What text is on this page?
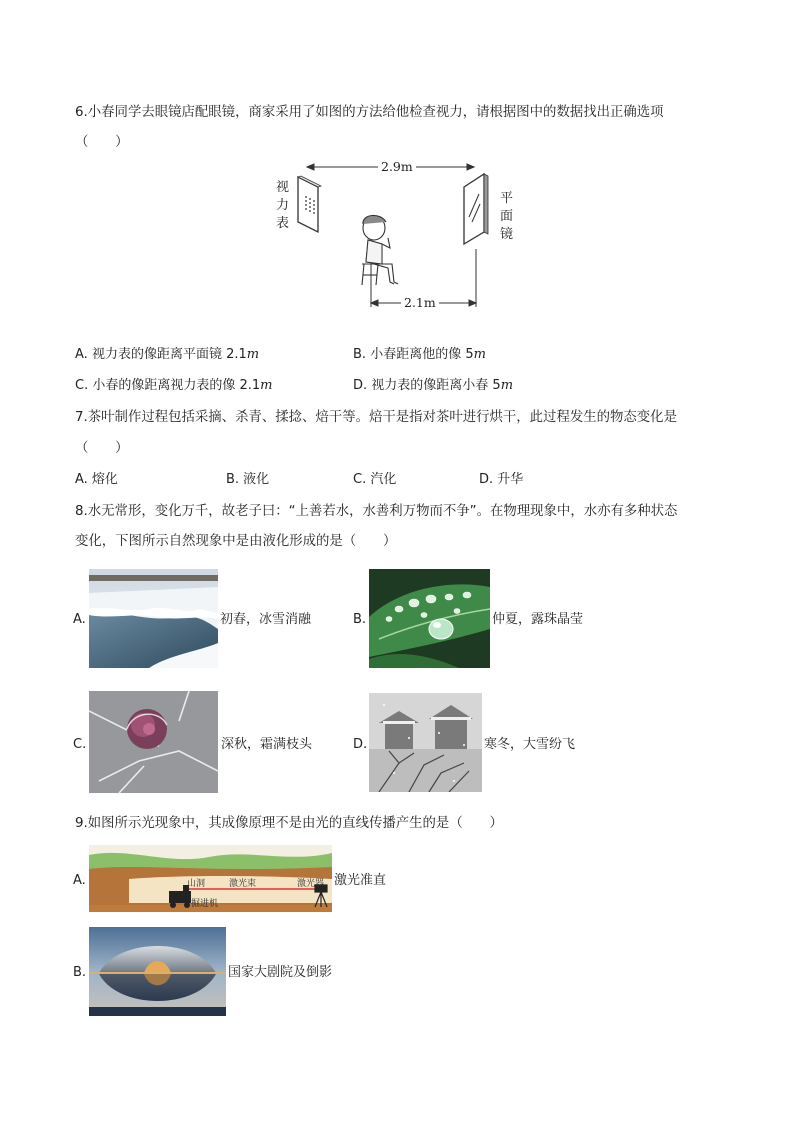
6.小春同学去眼镜店配眼镜，商家采用了如图的方法给他检查视力，请根据图中的数据找出正确选项
（　　）
2.9m
2.1m
视
力
表
平
面
镜
A. 视力表的像距离平面镜 2.1m	B. 小春距离他的像 5m
C. 小春的像距离视力表的像 2.1m	D. 视力表的像距离小春 5m
7.茶叶制作过程包括采摘、杀青、揉捻、焙干等。焙干是指对茶叶进行烘干，此过程发生的物态变化是
（　　）
A. 熔化	B. 液化	C. 汽化	D. 升华
8.水无常形，变化万千，故老子曰：“上善若水，水善利万物而不争”。在物理现象中，水亦有多种状态
变化，下图所示自然现象中是由液化形成的是（　　）
A.	初春，冰雪消融	B.	仲夏，露珠晶莹
C.	深秋，霜满枝头	D.	寒冬，大雪纷飞
9.如图所示光现象中，其成像原理不是由光的直线传播产生的是（　　）
A.	山洞	激光束	激光器
掘进机
激光准直
B.	国家大剧院及倒影
